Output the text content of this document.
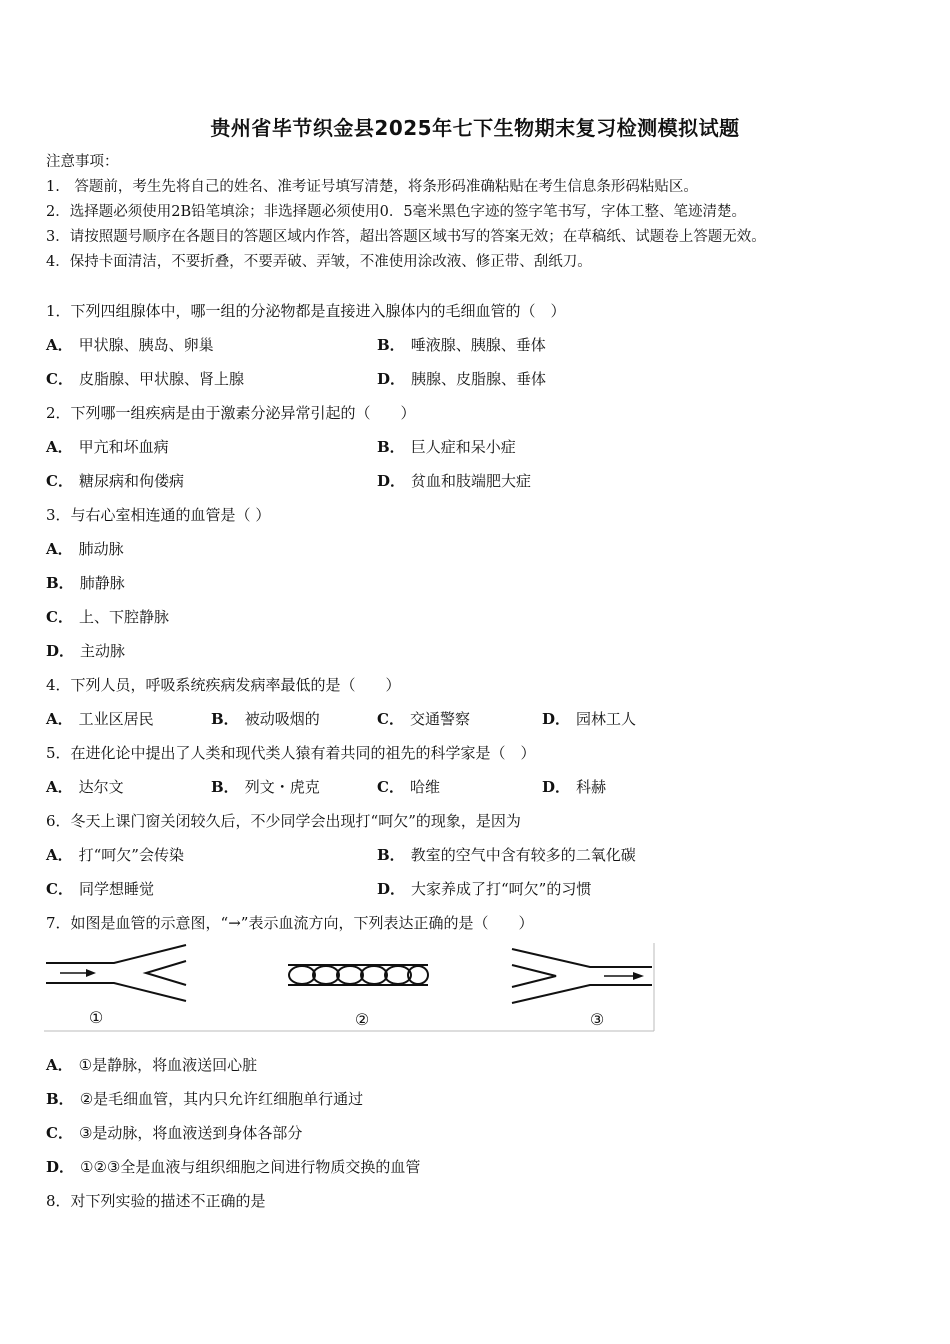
贵州省毕节织金县2025年七下生物期末复习检测模拟试题
注意事项：
1.　答题前，考生先将自己的姓名、准考证号填写清楚，将条形码准确粘贴在考生信息条形码粘贴区。
2．选择题必须使用2B铅笔填涂；非选择题必须使用0．5毫米黑色字迹的签字笔书写，字体工整、笔迹清楚。
3．请按照题号顺序在各题目的答题区域内作答，超出答题区域书写的答案无效；在草稿纸、试题卷上答题无效。
4．保持卡面清洁，不要折叠，不要弄破、弄皱，不准使用涂改液、修正带、刮纸刀。
1．下列四组腺体中，哪一组的分泌物都是直接进入腺体内的毛细血管的（　）
A． 甲状腺、胰岛、卵巢	B． 唾液腺、胰腺、垂体
C． 皮脂腺、甲状腺、肾上腺	D． 胰腺、皮脂腺、垂体
2．下列哪一组疾病是由于激素分泌异常引起的（　　）
A． 甲亢和坏血病	B． 巨人症和呆小症
C． 糖尿病和佝偻病	D． 贫血和肢端肥大症
3．与右心室相连通的血管是（ ）
A． 肺动脉
B． 肺静脉
C． 上、下腔静脉
D． 主动脉
4．下列人员，呼吸系统疾病发病率最低的是（　　）
A． 工业区居民	B． 被动吸烟的	C． 交通警察	D． 园林工人
5．在进化论中提出了人类和现代类人猿有着共同的祖先的科学家是（　）
A． 达尔文	B． 列文・虎克	C． 哈维	D． 科赫
6．冬天上课门窗关闭较久后，不少同学会出现打“呵欠”的现象，是因为
A． 打“呵欠”会传染	B． 教室的空气中含有较多的二氧化碳
C． 同学想睡觉	D． 大家养成了打“呵欠”的习惯
7．如图是血管的示意图，“→”表示血流方向，下列表达正确的是（　　）
①	②	③
A． ①是静脉，将血液送回心脏
B． ②是毛细血管，其内只允许红细胞单行通过
C． ③是动脉，将血液送到身体各部分
D． ①②③全是血液与组织细胞之间进行物质交换的血管
8．对下列实验的描述不正确的是
